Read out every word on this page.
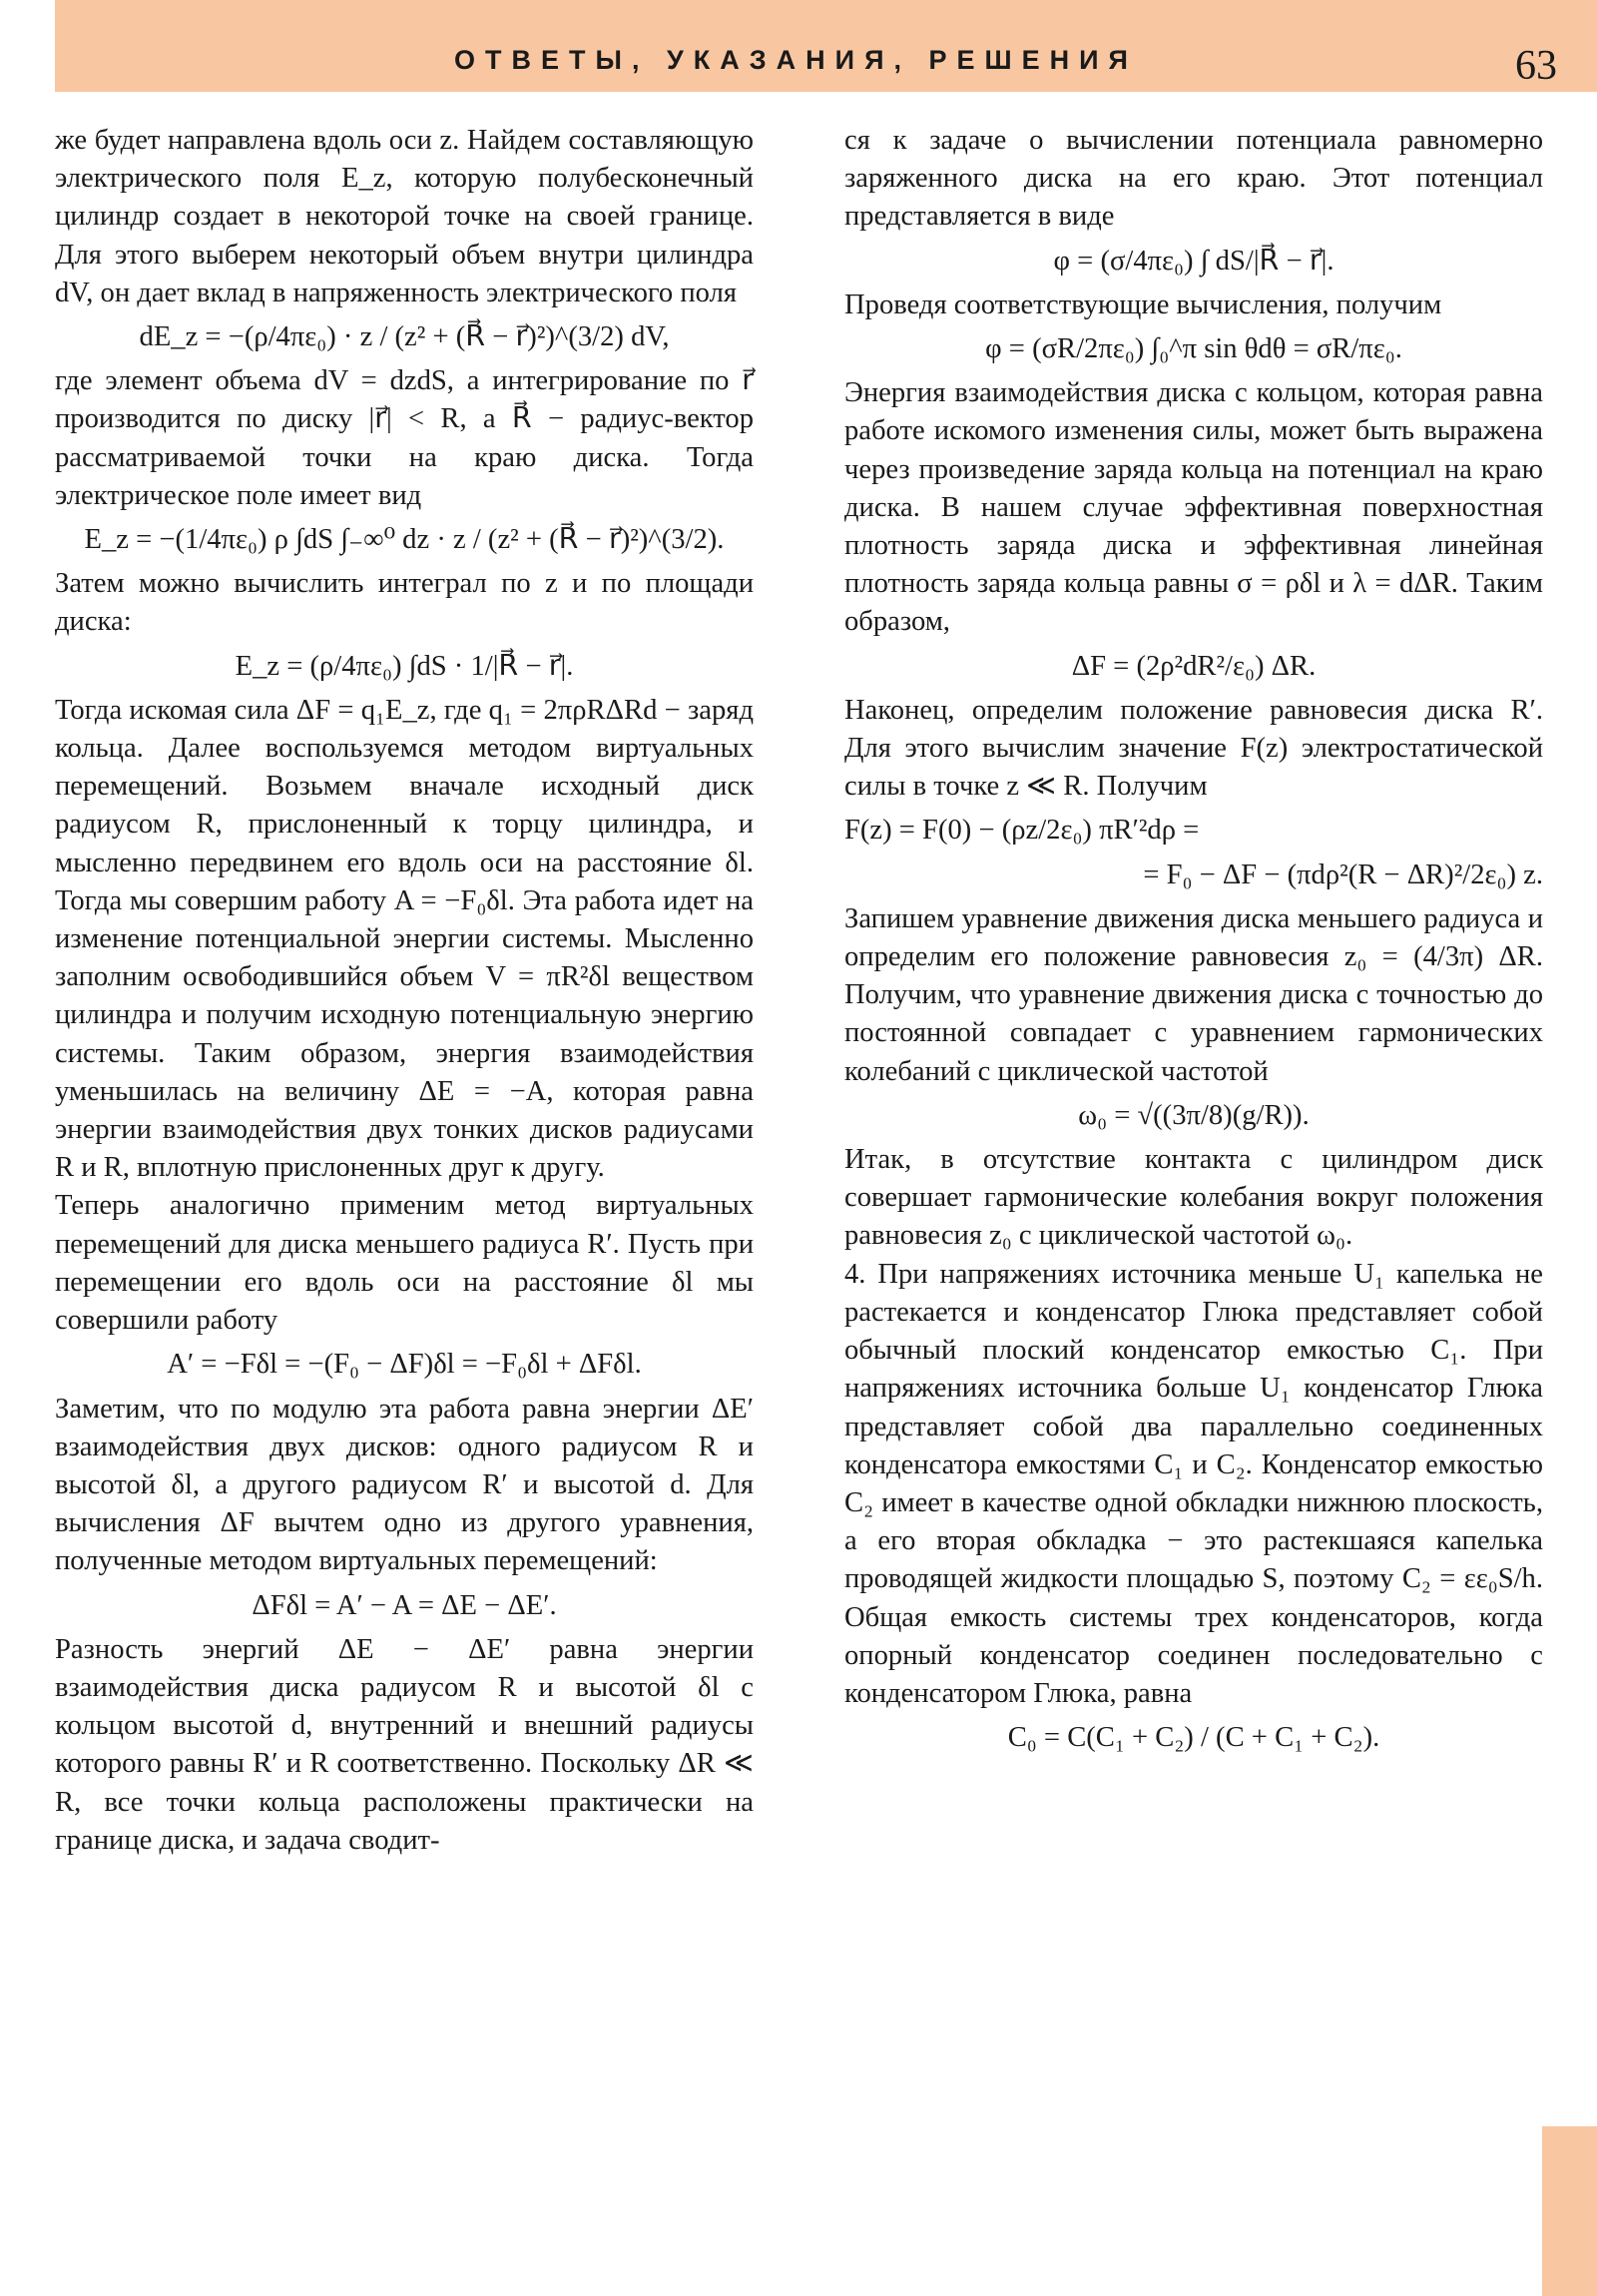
ОТВЕТЫ, УКАЗАНИЯ, РЕШЕНИЯ	63

же будет направлена вдоль оси z. Найдем составляющую электрического поля E_z, которую полубесконечный цилиндр создает в некоторой точке на своей границе. Для этого выберем некоторый объем внутри цилиндра dV, он дает вклад в напряженность электрического поля

dE_z = −(ρ/4πε₀) · z / (z² + (R⃗ − r⃗)²)^(3/2) dV,

где элемент объема dV = dzdS, а интегрирование по r⃗ производится по диску |r⃗| < R, а R⃗ − радиус-вектор рассматриваемой точки на краю диска. Тогда электрическое поле имеет вид

E_z = −(1/4πε₀) ρ ∫dS ∫₋∞⁰ dz · z / (z² + (R⃗ − r⃗)²)^(3/2).

Затем можно вычислить интеграл по z и по площади диска:

E_z = (ρ/4πε₀) ∫dS · 1/|R⃗ − r⃗|.

Тогда искомая сила ΔF = q₁E_z, где q₁ = 2πρRΔRd − заряд кольца. Далее воспользуемся методом виртуальных перемещений. Возьмем вначале исходный диск радиусом R, прислоненный к торцу цилиндра, и мысленно передвинем его вдоль оси на расстояние δl. Тогда мы совершим работу A = −F₀δl. Эта работа идет на изменение потенциальной энергии системы. Мысленно заполним освободившийся объем V = πR²δl веществом цилиндра и получим исходную потенциальную энергию системы. Таким образом, энергия взаимодействия уменьшилась на величину ΔE = −A, которая равна энергии взаимодействия двух тонких дисков радиусами R и R, вплотную прислоненных друг к другу.

Теперь аналогично применим метод виртуальных перемещений для диска меньшего радиуса R′. Пусть при перемещении его вдоль оси на расстояние δl мы совершили работу

A′ = −Fδl = −(F₀ − ΔF)δl = −F₀δl + ΔFδl.

Заметим, что по модулю эта работа равна энергии ΔE′ взаимодействия двух дисков: одного радиусом R и высотой δl, а другого радиусом R′ и высотой d. Для вычисления ΔF вычтем одно из другого уравнения, полученные методом виртуальных перемещений:

ΔFδl = A′ − A = ΔE − ΔE′.

Разность энергий ΔE − ΔE′ равна энергии взаимодействия диска радиусом R и высотой δl с кольцом высотой d, внутренний и внешний радиусы которого равны R′ и R соответственно. Поскольку ΔR ≪ R, все точки кольца расположены практически на границе диска, и задача сводит-

ся к задаче о вычислении потенциала равномерно заряженного диска на его краю. Этот потенциал представляется в виде

φ = (σ/4πε₀) ∫ dS/|R⃗ − r⃗|.

Проведя соответствующие вычисления, получим

φ = (σR/2πε₀) ∫₀^π sin θdθ = σR/πε₀.

Энергия взаимодействия диска с кольцом, которая равна работе искомого изменения силы, может быть выражена через произведение заряда кольца на потенциал на краю диска. В нашем случае эффективная поверхностная плотность заряда диска и эффективная линейная плотность заряда кольца равны σ = ρδl и λ = dΔR. Таким образом,

ΔF = (2ρ²dR²/ε₀) ΔR.

Наконец, определим положение равновесия диска R′. Для этого вычислим значение F(z) электростатической силы в точке z ≪ R. Получим

F(z) = F(0) − (ρz/2ε₀) πR′²dρ =
= F₀ − ΔF − (πdρ²(R − ΔR)²/2ε₀) z.

Запишем уравнение движения диска меньшего радиуса и определим его положение равновесия z₀ = (4/3π) ΔR. Получим, что уравнение движения диска с точностью до постоянной совпадает с уравнением гармонических колебаний с циклической частотой

ω₀ = √((3π/8)(g/R)).

Итак, в отсутствие контакта с цилиндром диск совершает гармонические колебания вокруг положения равновесия z₀ с циклической частотой ω₀.

4. При напряжениях источника меньше U₁ капелька не растекается и конденсатор Глюка представляет собой обычный плоский конденсатор емкостью C₁. При напряжениях источника больше U₁ конденсатор Глюка представляет собой два параллельно соединенных конденсатора емкостями C₁ и C₂. Конденсатор емкостью C₂ имеет в качестве одной обкладки нижнюю плоскость, а его вторая обкладка − это растекшаяся капелька проводящей жидкости площадью S, поэтому C₂ = εε₀S/h. Общая емкость системы трех конденсаторов, когда опорный конденсатор соединен последовательно с конденсатором Глюка, равна

C₀ = C(C₁ + C₂) / (C + C₁ + C₂).
